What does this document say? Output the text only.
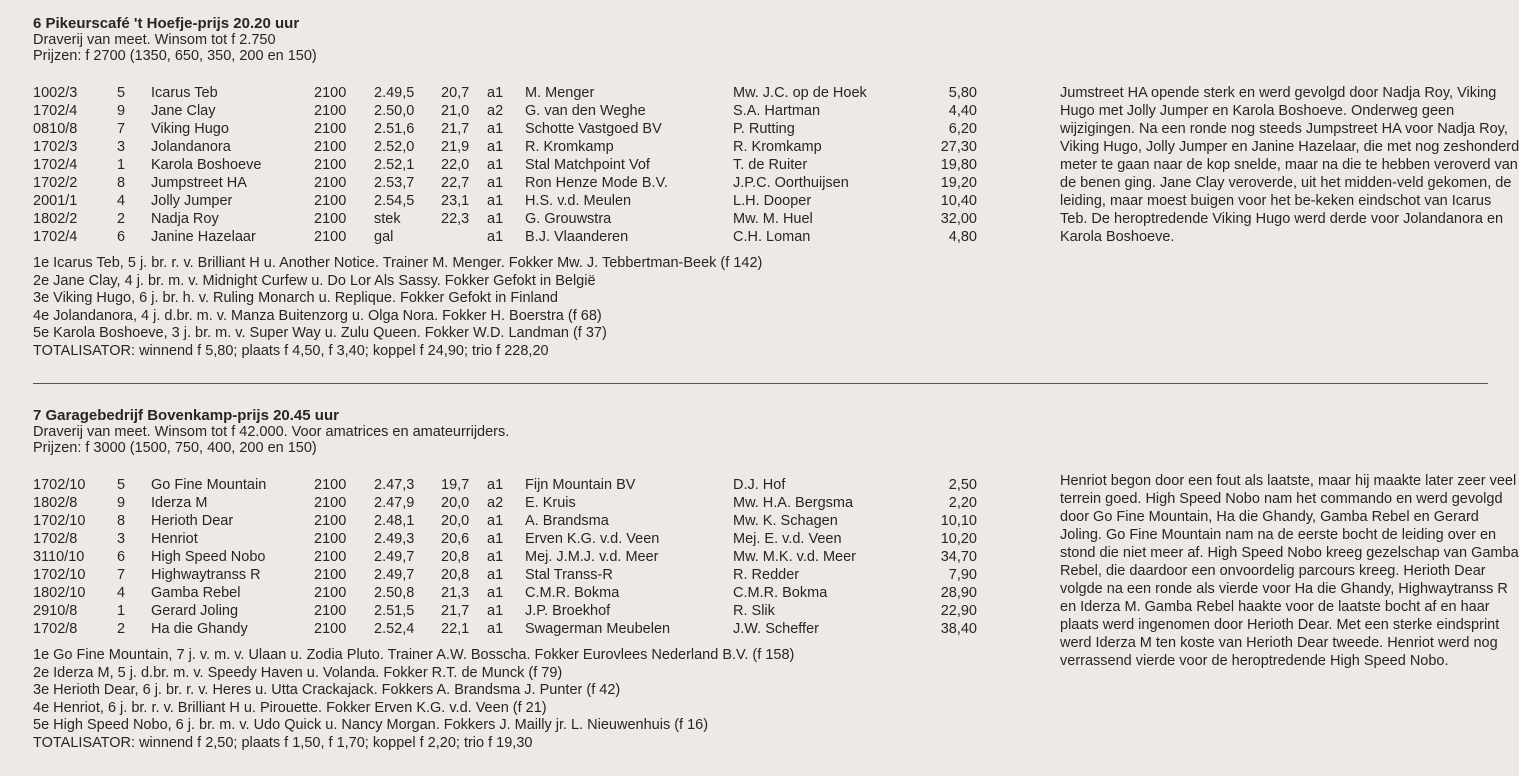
6 Pikeurscafé 't Hoefje-prijs 20.20 uur
Draverij van meet. Winsom tot f 2.750
Prijzen: f 2700 (1350, 650, 350, 200 en 150)
1002/3	5	Icarus Teb	2100	2.49,5	20,7	a1	M. Menger	Mw. J.C. op de Hoek	5,80
1702/4	9	Jane Clay	2100	2.50,0	21,0	a2	G. van den Weghe	S.A. Hartman	4,40
0810/8	7	Viking Hugo	2100	2.51,6	21,7	a1	Schotte Vastgoed BV	P. Rutting	6,20
1702/3	3	Jolandanora	2100	2.52,0	21,9	a1	R. Kromkamp	R. Kromkamp	27,30
1702/4	1	Karola Boshoeve	2100	2.52,1	22,0	a1	Stal Matchpoint Vof	T. de Ruiter	19,80
1702/2	8	Jumpstreet HA	2100	2.53,7	22,7	a1	Ron Henze Mode B.V.	J.P.C. Oorthuijsen	19,20
2001/1	4	Jolly Jumper	2100	2.54,5	23,1	a1	H.S. v.d. Meulen	L.H. Dooper	10,40
1802/2	2	Nadja Roy	2100	stek	22,3	a1	G. Grouwstra	Mw. M. Huel	32,00
1702/4	6	Janine Hazelaar	2100	gal		a1	B.J. Vlaanderen	C.H. Loman	4,80
1e Icarus Teb, 5 j. br. r. v. Brilliant H u. Another Notice. Trainer M. Menger. Fokker Mw. J. Tebbertman-Beek (f 142)
2e Jane Clay, 4 j. br. m. v. Midnight Curfew u. Do Lor Als Sassy. Fokker Gefokt in België
3e Viking Hugo, 6 j. br. h. v. Ruling Monarch u. Replique. Fokker Gefokt in Finland
4e Jolandanora, 4 j. d.br. m. v. Manza Buitenzorg u. Olga Nora. Fokker H. Boerstra (f 68)
5e Karola Boshoeve, 3 j. br. m. v. Super Way u. Zulu Queen. Fokker W.D. Landman (f 37)
TOTALISATOR: winnend f 5,80; plaats f 4,50, f 3,40; koppel f 24,90; trio f 228,20
Jumstreet HA opende sterk en werd gevolgd door Nadja Roy, Viking Hugo met Jolly Jumper en Karola Boshoeve. Onderweg geen wijzigingen. Na een ronde nog steeds Jumpstreet HA voor Nadja Roy, Viking Hugo, Jolly Jumper en Janine Hazelaar, die met nog zeshonderd meter te gaan naar de kop snelde, maar na die te hebben veroverd van de benen ging. Jane Clay veroverde, uit het midden-veld gekomen, de leiding, maar moest buigen voor het be-keken eindschot van Icarus Teb. De heroptredende Viking Hugo werd derde voor Jolandanora en Karola Boshoeve.
7 Garagebedrijf Bovenkamp-prijs 20.45 uur
Draverij van meet. Winsom tot f 42.000. Voor amatrices en amateurrijders.
Prijzen: f 3000 (1500, 750, 400, 200 en 150)
1702/10	5	Go Fine Mountain	2100	2.47,3	19,7	a1	Fijn Mountain BV	D.J. Hof	2,50
1802/8	9	Iderza M	2100	2.47,9	20,0	a2	E. Kruis	Mw. H.A. Bergsma	2,20
1702/10	8	Herioth Dear	2100	2.48,1	20,0	a1	A. Brandsma	Mw. K. Schagen	10,10
1702/8	3	Henriot	2100	2.49,3	20,6	a1	Erven K.G. v.d. Veen	Mej. E. v.d. Veen	10,20
3110/10	6	High Speed Nobo	2100	2.49,7	20,8	a1	Mej. J.M.J. v.d. Meer	Mw. M.K. v.d. Meer	34,70
1702/10	7	Highwaytranss R	2100	2.49,7	20,8	a1	Stal Transs-R	R. Redder	7,90
1802/10	4	Gamba Rebel	2100	2.50,8	21,3	a1	C.M.R. Bokma	C.M.R. Bokma	28,90
2910/8	1	Gerard Joling	2100	2.51,5	21,7	a1	J.P. Broekhof	R. Slik	22,90
1702/8	2	Ha die Ghandy	2100	2.52,4	22,1	a1	Swagerman Meubelen	J.W. Scheffer	38,40
1e Go Fine Mountain, 7 j. v. m. v. Ulaan u. Zodia Pluto. Trainer A.W. Bosscha. Fokker Eurovlees Nederland B.V. (f 158)
2e Iderza M, 5 j. d.br. m. v. Speedy Haven u. Volanda. Fokker R.T. de Munck (f 79)
3e Herioth Dear, 6 j. br. r. v. Heres u. Utta Crackajack. Fokkers A. Brandsma J. Punter (f 42)
4e Henriot, 6 j. br. r. v. Brilliant H u. Pirouette. Fokker Erven K.G. v.d. Veen (f 21)
5e High Speed Nobo, 6 j. br. m. v. Udo Quick u. Nancy Morgan. Fokkers J. Mailly jr. L. Nieuwenhuis (f 16)
TOTALISATOR: winnend f 2,50; plaats f 1,50, f 1,70; koppel f 2,20; trio f 19,30
Henriot begon door een fout als laatste, maar hij maakte later zeer veel terrein goed. High Speed Nobo nam het commando en werd gevolgd door Go Fine Mountain, Ha die Ghandy, Gamba Rebel en Gerard Joling. Go Fine Mountain nam na de eerste bocht de leiding over en stond die niet meer af. High Speed Nobo kreeg gezelschap van Gamba Rebel, die daardoor een onvoordelig parcours kreeg. Herioth Dear volgde na een ronde als vierde voor Ha die Ghandy, Highwaytranss R en Iderza M. Gamba Rebel haakte voor de laatste bocht af en haar plaats werd ingenomen door Herioth Dear. Met een sterke eindsprint werd Iderza M ten koste van Herioth Dear tweede. Henriot werd nog verrassend vierde voor de heroptredende High Speed Nobo.
